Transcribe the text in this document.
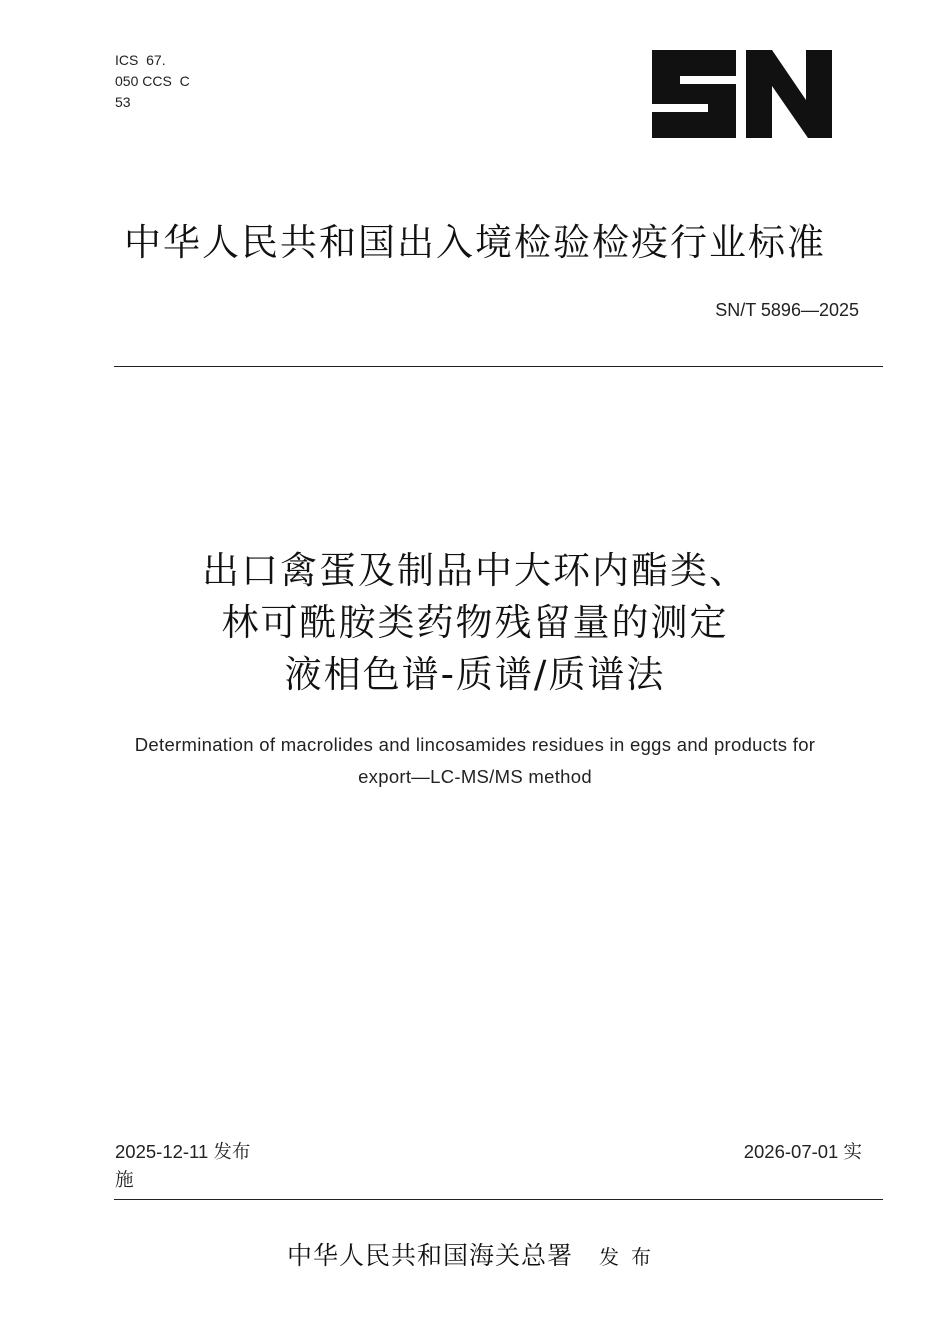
ICS  67.
050 CCS  C
53
中华人民共和国出入境检验检疫行业标准
SN/T 5896—2025
出口禽蛋及制品中大环内酯类、
林可酰胺类药物残留量的测定
液相色谱-质谱/质谱法
Determination of macrolides and lincosamides residues in eggs and products for
export—LC-MS/MS method
2025-12-11 发布
施
2026-07-01 实
中华人民共和国海关总署 发布
